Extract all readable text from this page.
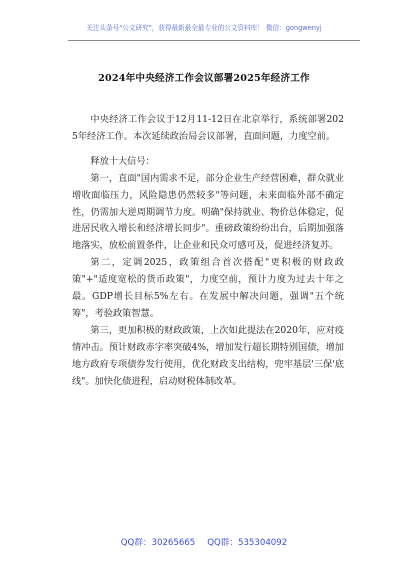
关注头条号"公文研究"，获得最新最全最专业的公文资料库！ 微信：gongwenyj
2024年中央经济工作会议部署2025年经济工作

中央经济工作会议于12月11-12日在北京举行，系统部署2025年经济工作。本次延续政治局会议部署，直面问题，力度空前。

释放十大信号：

第一，直面"国内需求不足，部分企业生产经营困难，群众就业增收面临压力，风险隐患仍然较多"等问题，未来面临外部不确定性，仍需加大逆周期调节力度。明确"保持就业、物价总体稳定，促进居民收入增长和经济增长同步"。重磅政策纷纷出台，后期加强落地落实，放松前置条件，让企业和民众可感可及，促进经济复苏。

第二，定调2025，政策组合首次搭配"更积极的财政政策"+"适度宽松的货币政策"，力度空前，预计力度为过去十年之最。GDP增长目标5%左右。在发展中解决问题，强调"五个统筹"，考验政策智慧。

第三，更加积极的财政政策，上次如此提法在2020年，应对疫情冲击。预计财政赤字率突破4%，增加发行超长期特别国债，增加地方政府专项债券发行使用，优化财政支出结构，兜牢基层'三保'底线"。加快化债进程，启动财税体制改革。

QQ群：30265665 QQ群：535304092
